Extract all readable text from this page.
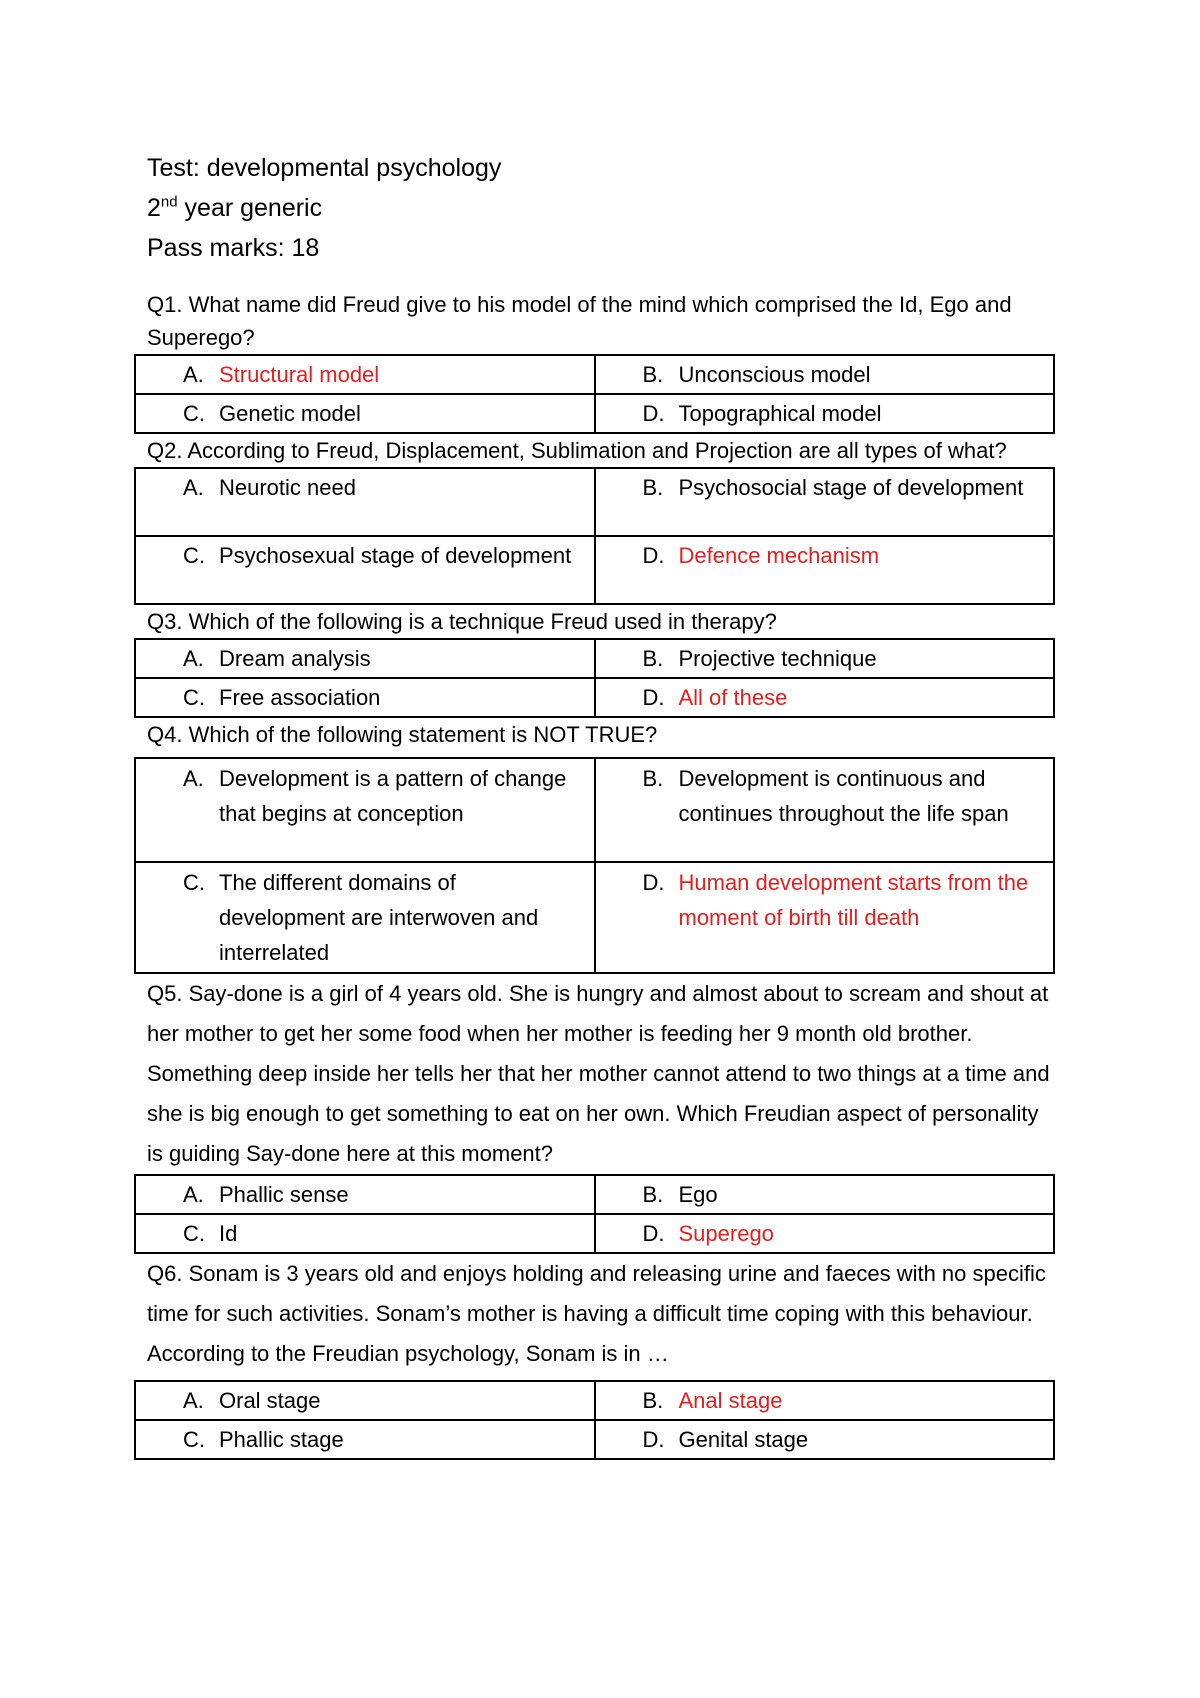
Test: developmental psychology
2nd year generic
Pass marks: 18

Q1. What name did Freud give to his model of the mind which comprised the Id, Ego and Superego?

A. Structural model	B. Unconscious model

C. Genetic model	D. Topographical model

Q2. According to Freud, Displacement, Sublimation and Projection are all types of what?

A. Neurotic need	B. Psychosocial stage of development

C. Psychosexual stage of development	D. Defence mechanism

Q3. Which of the following is a technique Freud used in therapy?

A. Dream analysis	B. Projective technique

C. Free association	D. All of these

Q4. Which of the following statement is NOT TRUE?

A. Development is a pattern of change that begins at conception	B. Development is continuous and continues throughout the life span

C. The different domains of development are interwoven and interrelated	D. Human development starts from the moment of birth till death

Q5. Say-done is a girl of 4 years old. She is hungry and almost about to scream and shout at her mother to get her some food when her mother is feeding her 9 month old brother. Something deep inside her tells her that her mother cannot attend to two things at a time and she is big enough to get something to eat on her own. Which Freudian aspect of personality is guiding Say-done here at this moment?

A. Phallic sense	B. Ego

C. Id	D. Superego

Q6. Sonam is 3 years old and enjoys holding and releasing urine and faeces with no specific time for such activities. Sonam’s mother is having a difficult time coping with this behaviour. According to the Freudian psychology, Sonam is in …

A. Oral stage	B. Anal stage

C. Phallic stage	D. Genital stage
